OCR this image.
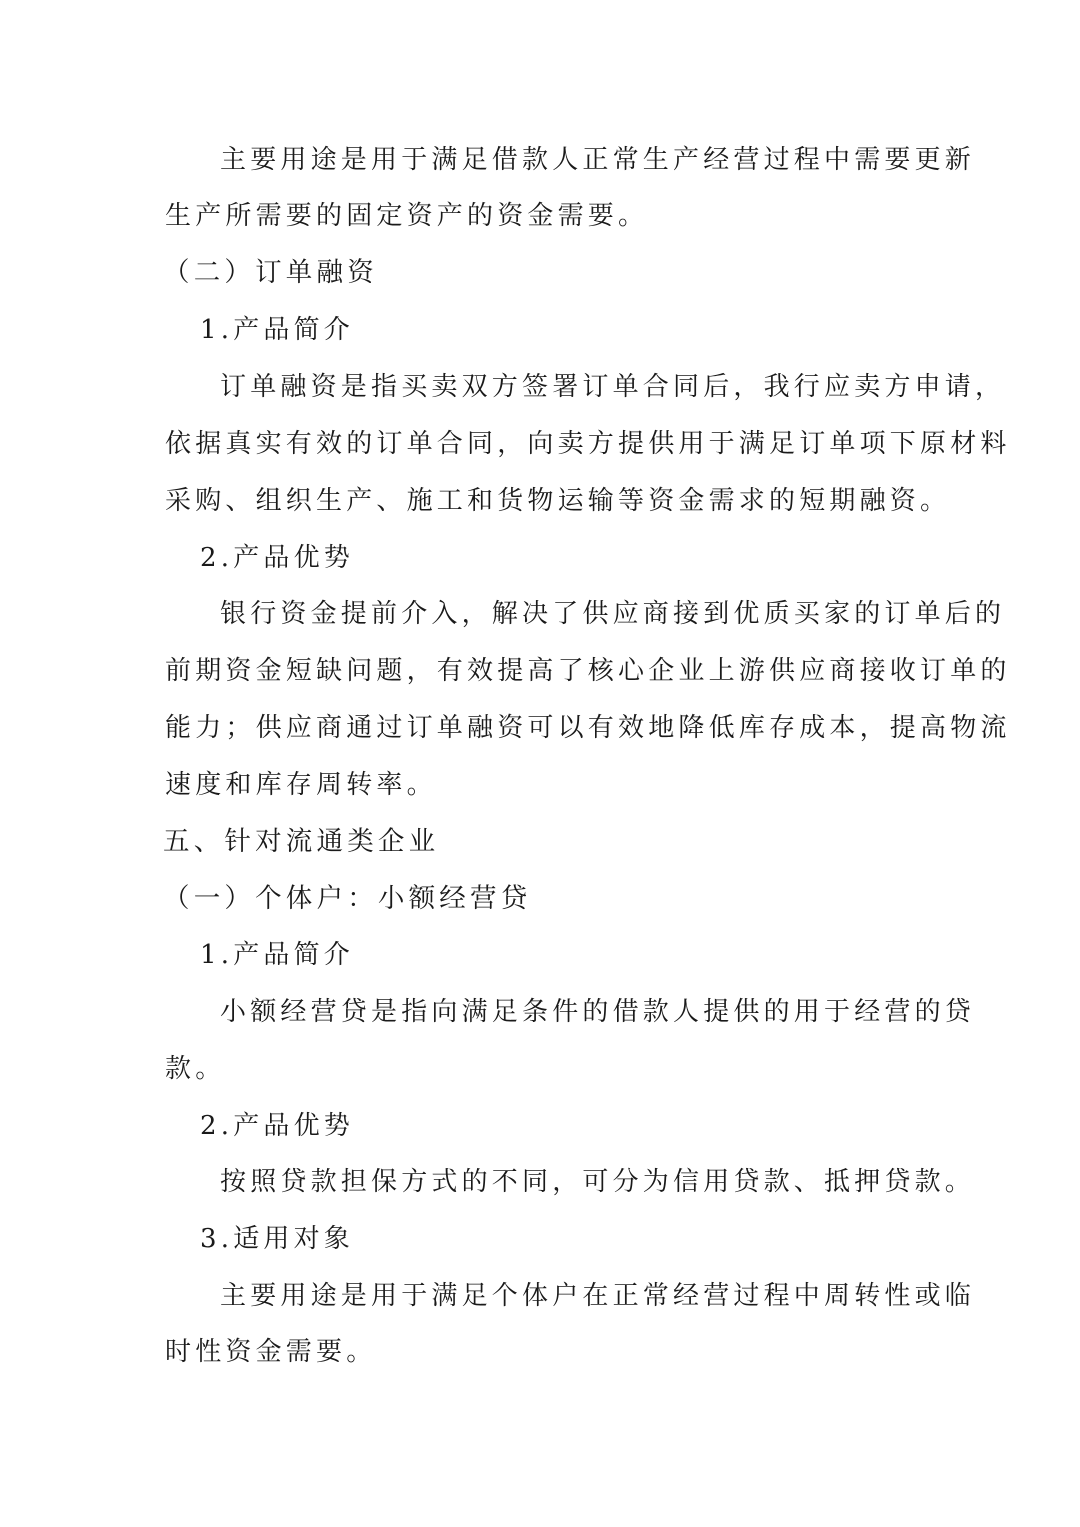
主要用途是用于满足借款人正常生产经营过程中需要更新
生产所需要的固定资产的资金需要。
（二）订单融资
1.产品简介
订单融资是指买卖双方签署订单合同后，我行应卖方申请，
依据真实有效的订单合同，向卖方提供用于满足订单项下原材料
采购、组织生产、施工和货物运输等资金需求的短期融资。
2.产品优势
银行资金提前介入，解决了供应商接到优质买家的订单后的
前期资金短缺问题，有效提高了核心企业上游供应商接收订单的
能力；供应商通过订单融资可以有效地降低库存成本，提高物流
速度和库存周转率。
五、针对流通类企业
（一）个体户：小额经营贷
1.产品简介
小额经营贷是指向满足条件的借款人提供的用于经营的贷
款。
2.产品优势
按照贷款担保方式的不同，可分为信用贷款、抵押贷款。
3.适用对象
主要用途是用于满足个体户在正常经营过程中周转性或临
时性资金需要。
